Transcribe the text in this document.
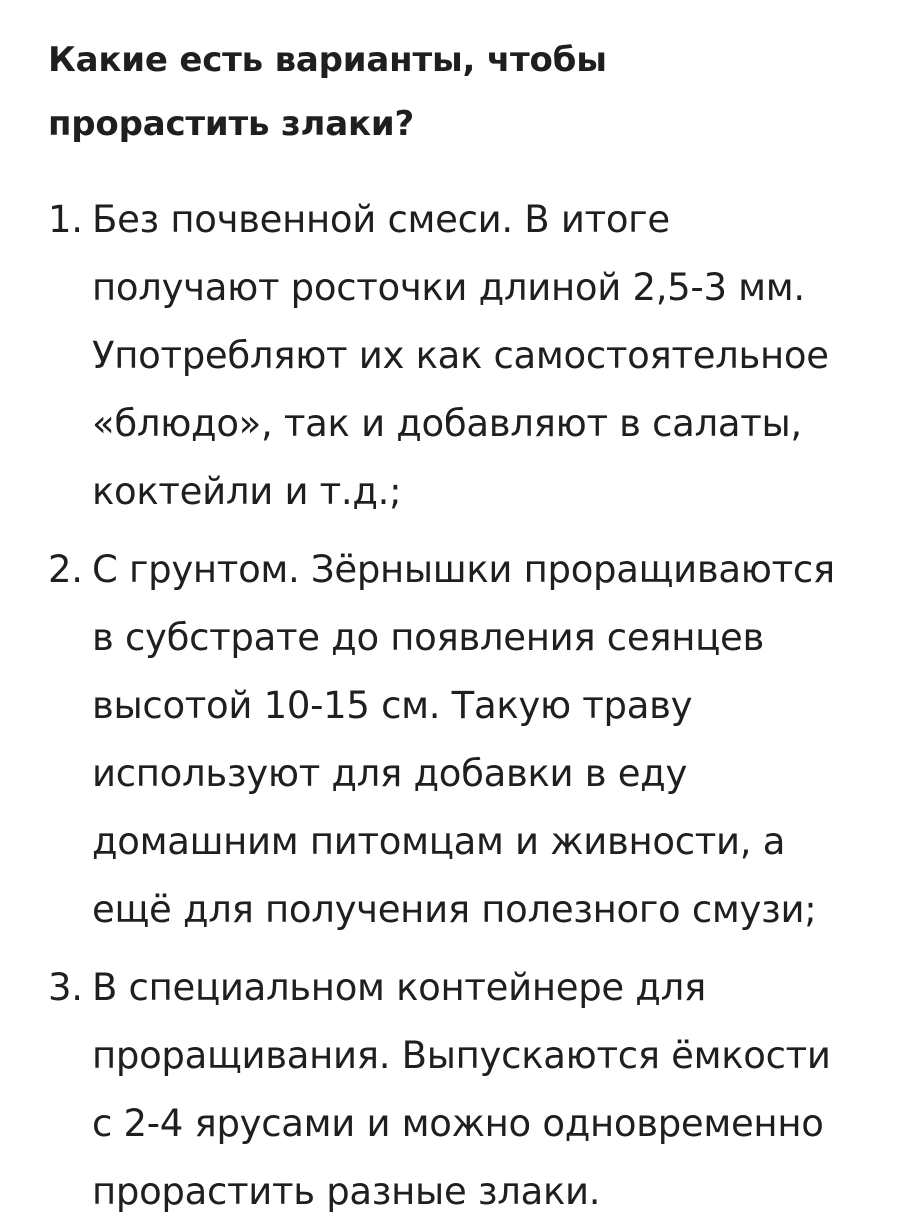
Какие есть варианты, чтобы
прорастить злаки?
1. Без почвенной смеси. В итоге
получают росточки длиной 2,5-3 мм.
Употребляют их как самостоятельное
«блюдо», так и добавляют в салаты,
коктейли и т.д.;
2. С грунтом. Зёрнышки проращиваются
в субстрате до появления сеянцев
высотой 10-15 см. Такую траву
используют для добавки в еду
домашним питомцам и живности, а
ещё для получения полезного смузи;
3. В специальном контейнере для
проращивания. Выпускаются ёмкости
с 2-4 ярусами и можно одновременно
прорастить разные злаки.
